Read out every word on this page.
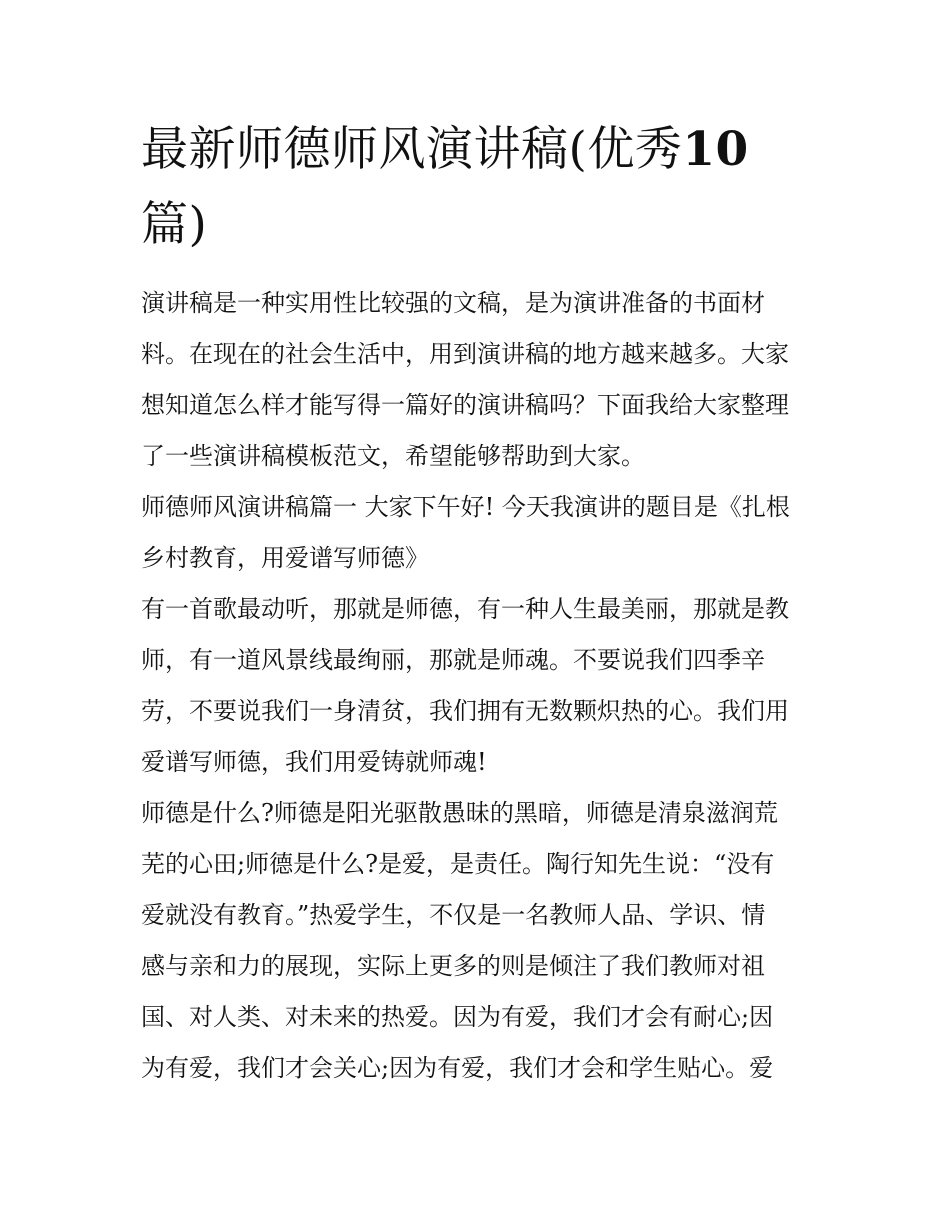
最新师德师风演讲稿(优秀10
篇)
演讲稿是一种实用性比较强的文稿，是为演讲准备的书面材
料。在现在的社会生活中，用到演讲稿的地方越来越多。大家
想知道怎么样才能写得一篇好的演讲稿吗？下面我给大家整理
了一些演讲稿模板范文，希望能够帮助到大家。
师德师风演讲稿篇一 大家下午好! 今天我演讲的题目是《扎根
乡村教育，用爱谱写师德》
有一首歌最动听，那就是师德，有一种人生最美丽，那就是教
师，有一道风景线最绚丽，那就是师魂。不要说我们四季辛
劳，不要说我们一身清贫，我们拥有无数颗炽热的心。我们用
爱谱写师德，我们用爱铸就师魂!
师德是什么?师德是阳光驱散愚昧的黑暗，师德是清泉滋润荒
芜的心田;师德是什么?是爱，是责任。陶行知先生说：“没有
爱就没有教育。”热爱学生，不仅是一名教师人品、学识、情
感与亲和力的展现，实际上更多的则是倾注了我们教师对祖
国、对人类、对未来的热爱。因为有爱，我们才会有耐心;因
为有爱，我们才会关心;因为有爱，我们才会和学生贴心。爱
